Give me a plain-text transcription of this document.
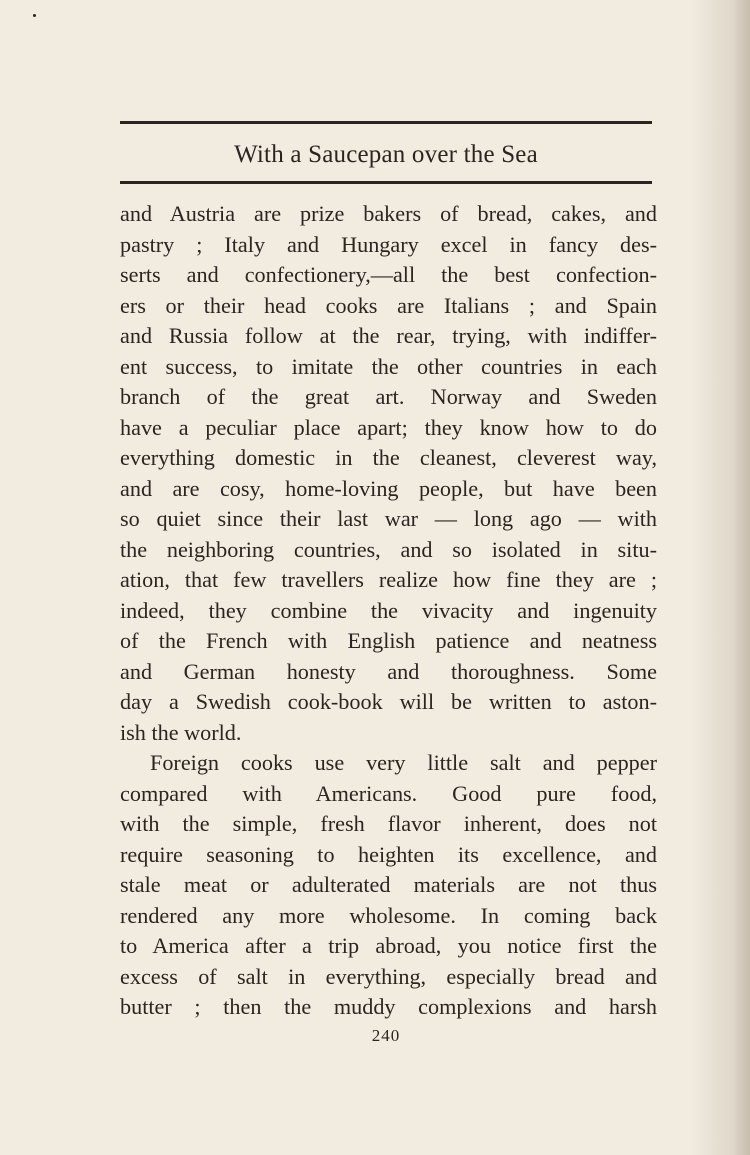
With a Saucepan over the Sea
and Austria are prize bakers of bread, cakes, and
pastry ; Italy and Hungary excel in fancy des-
serts and confectionery,—all the best confection-
ers or their head cooks are Italians ; and Spain
and Russia follow at the rear, trying, with indiffer-
ent success, to imitate the other countries in each
branch of the great art. Norway and Sweden
have a peculiar place apart; they know how to do
everything domestic in the cleanest, cleverest way,
and are cosy, home-loving people, but have been
so quiet since their last war — long ago — with
the neighboring countries, and so isolated in situ-
ation, that few travellers realize how fine they are ;
indeed, they combine the vivacity and ingenuity
of the French with English patience and neatness
and German honesty and thoroughness. Some
day a Swedish cook-book will be written to aston-
ish the world.
Foreign cooks use very little salt and pepper
compared with Americans. Good pure food,
with the simple, fresh flavor inherent, does not
require seasoning to heighten its excellence, and
stale meat or adulterated materials are not thus
rendered any more wholesome. In coming back
to America after a trip abroad, you notice first the
excess of salt in everything, especially bread and
butter ; then the muddy complexions and harsh
240
